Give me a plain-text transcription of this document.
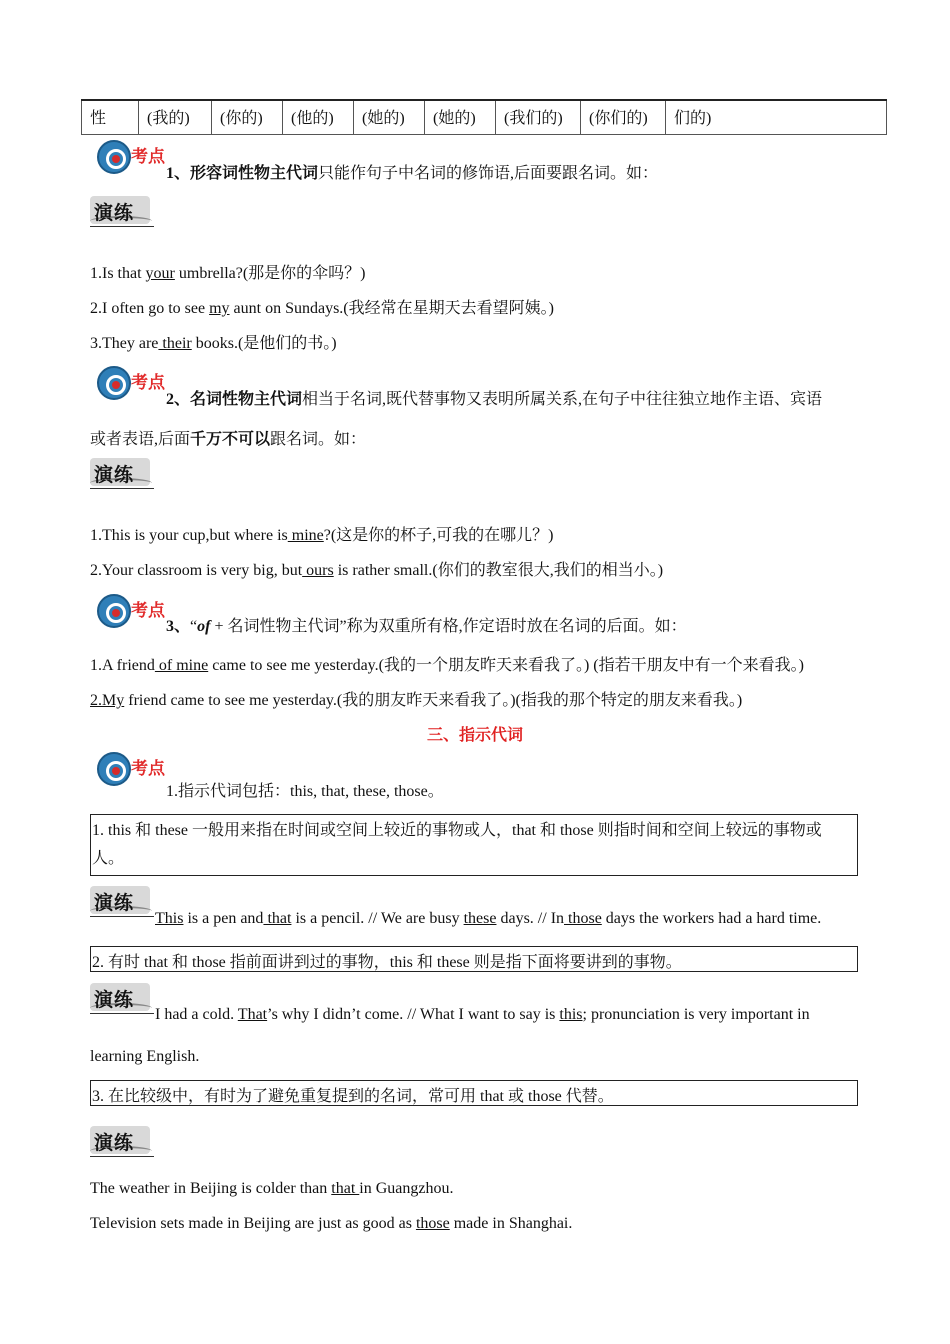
性	(我的)	(你的)	(他的)	(她的)	(她的)	(我们的)	(你们的)	们的)
考点
1、形容词性物主代词只能作句子中名词的修饰语,后面要跟名词。如：
演练
1.Is that your umbrella?(那是你的伞吗？)
2.I often go to see my aunt on Sundays.(我经常在星期天去看望阿姨。)
3.They are their books.(是他们的书。)
考点
2、名词性物主代词相当于名词,既代替事物又表明所属关系,在句子中往往独立地作主语、宾语
或者表语,后面千万不可以跟名词。如：
演练
1.This is your cup,but where is mine?(这是你的杯子,可我的在哪儿？)
2.Your classroom is very big, but ours is rather small.(你们的教室很大,我们的相当小。)
考点
3、“of + 名词性物主代词”称为双重所有格,作定语时放在名词的后面。如：
1.A friend of mine came to see me yesterday.(我的一个朋友昨天来看我了。) (指若干朋友中有一个来看我。)
2.My friend came to see me yesterday.(我的朋友昨天来看我了。)(指我的那个特定的朋友来看我。)
三、指示代词
考点
1.指示代词包括：this, that, these, those。
1. this 和 these 一般用来指在时间或空间上较近的事物或人，that 和 those 则指时间和空间上较远的事物或
人。
演练
This is a pen and that is a pencil. // We are busy these days. // In those days the workers had a hard time.
2. 有时 that 和 those 指前面讲到过的事物，this 和 these 则是指下面将要讲到的事物。
演练
I had a cold. That’s why I didn’t come. // What I want to say is this; pronunciation is very important in
learning English.
3. 在比较级中，有时为了避免重复提到的名词，常可用 that 或 those 代替。
演练
The weather in Beijing is colder than that in Guangzhou.
Television sets made in Beijing are just as good as those made in Shanghai.
